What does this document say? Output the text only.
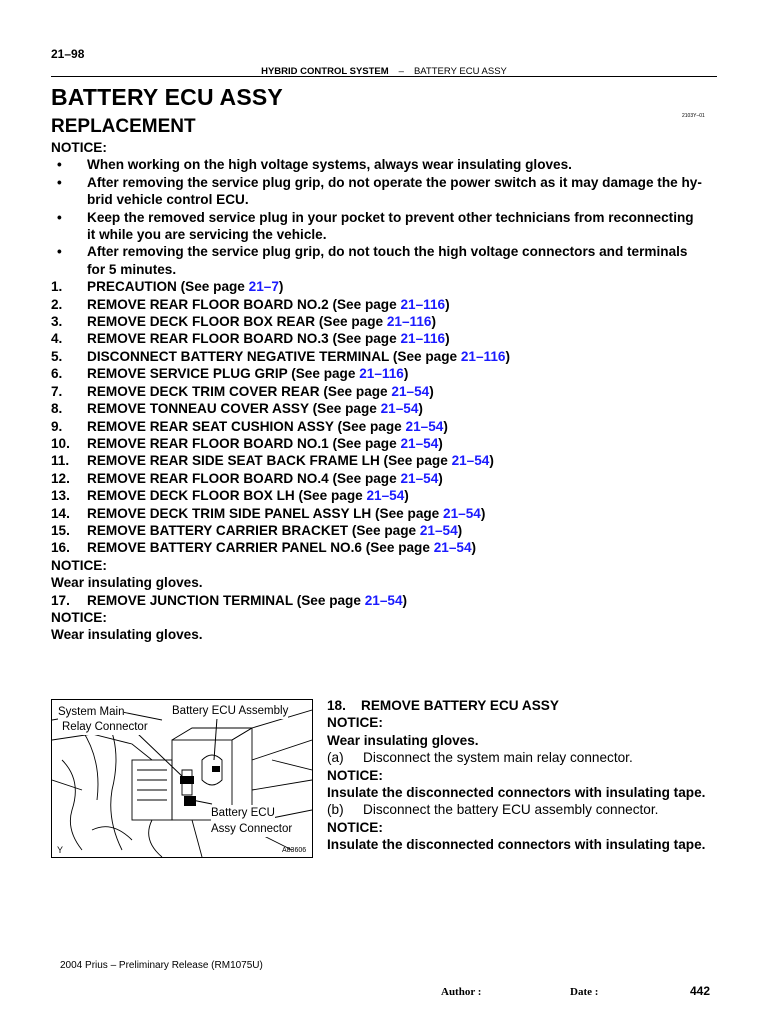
21–98
HYBRID CONTROL SYSTEM – BATTERY ECU ASSY
BATTERY ECU ASSY
REPLACEMENT	2103Y–01
NOTICE:
• When working on the high voltage systems, always wear insulating gloves.
• After removing the service plug grip, do not operate the power switch as it may damage the hy-
brid vehicle control ECU.
• Keep the removed service plug in your pocket to prevent other technicians from reconnecting
it while you are servicing the vehicle.
• After removing the service plug grip, do not touch the high voltage connectors and terminals
for 5 minutes.
1. PRECAUTION (See page 21–7)
2. REMOVE REAR FLOOR BOARD NO.2 (See page 21–116)
3. REMOVE DECK FLOOR BOX REAR (See page 21–116)
4. REMOVE REAR FLOOR BOARD NO.3 (See page 21–116)
5. DISCONNECT BATTERY NEGATIVE TERMINAL (See page 21–116)
6. REMOVE SERVICE PLUG GRIP (See page 21–116)
7. REMOVE DECK TRIM COVER REAR (See page 21–54)
8. REMOVE TONNEAU COVER ASSY (See page 21–54)
9. REMOVE REAR SEAT CUSHION ASSY (See page 21–54)
10. REMOVE REAR FLOOR BOARD NO.1 (See page 21–54)
11. REMOVE REAR SIDE SEAT BACK FRAME LH (See page 21–54)
12. REMOVE REAR FLOOR BOARD NO.4 (See page 21–54)
13. REMOVE DECK FLOOR BOX LH (See page 21–54)
14. REMOVE DECK TRIM SIDE PANEL ASSY LH (See page 21–54)
15. REMOVE BATTERY CARRIER BRACKET (See page 21–54)
16. REMOVE BATTERY CARRIER PANEL NO.6 (See page 21–54)
NOTICE:
Wear insulating gloves.
17. REMOVE JUNCTION TERMINAL (See page 21–54)
NOTICE:
Wear insulating gloves.
System Main
Relay Connector
Battery ECU Assembly
Battery ECU
Assy Connector
Y	A83606
18.    REMOVE BATTERY ECU ASSY
NOTICE:
Wear insulating gloves.
(a) Disconnect the system main relay connector.
NOTICE:
Insulate the disconnected connectors with insulating tape.
(b) Disconnect the battery ECU assembly connector.
NOTICE:
Insulate the disconnected connectors with insulating tape.
2004 Prius – Preliminary Release (RM1075U)
Author :	Date :	442
